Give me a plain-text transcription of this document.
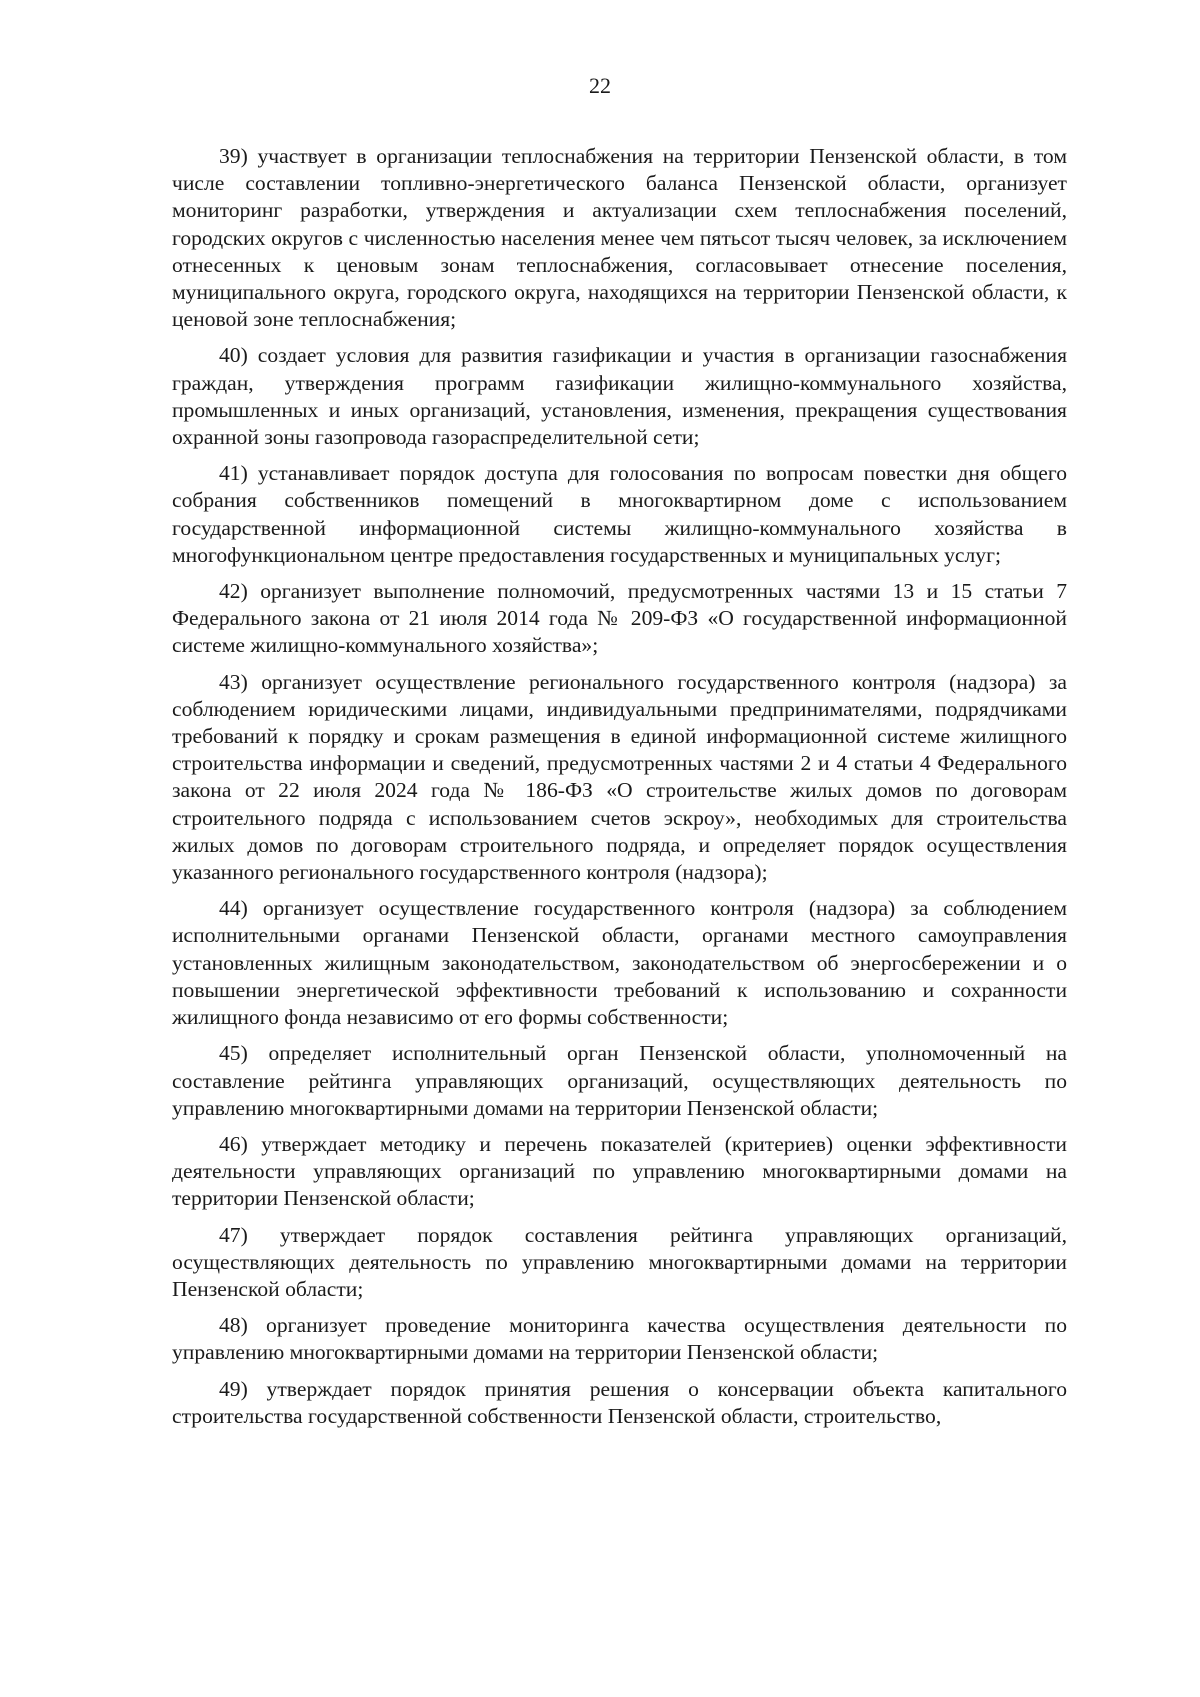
22

39) участвует в организации теплоснабжения на территории Пензенской области, в том числе составлении топливно-энергетического баланса Пензенской области, организует мониторинг разработки, утверждения и актуализации схем теплоснабжения поселений, городских округов с численностью населения менее чем пятьсот тысяч человек, за исключением отнесенных к ценовым зонам теплоснабжения, согласовывает отнесение поселения, муниципального округа, городского округа, находящихся на территории Пензенской области, к ценовой зоне теплоснабжения;

40) создает условия для развития газификации и участия в организации газоснабжения граждан, утверждения программ газификации жилищно-коммунального хозяйства, промышленных и иных организаций, установления, изменения, прекращения существования охранной зоны газопровода газораспределительной сети;

41) устанавливает порядок доступа для голосования по вопросам повестки дня общего собрания собственников помещений в многоквартирном доме с использованием государственной информационной системы жилищно-коммунального хозяйства в многофункциональном центре предоставления государственных и муниципальных услуг;

42) организует выполнение полномочий, предусмотренных частями 13 и 15 статьи 7 Федерального закона от 21 июля 2014 года № 209-ФЗ «О государственной информационной системе жилищно-коммунального хозяйства»;

43) организует осуществление регионального государственного контроля (надзора) за соблюдением юридическими лицами, индивидуальными предпринимателями, подрядчиками требований к порядку и срокам размещения в единой информационной системе жилищного строительства информации и сведений, предусмотренных частями 2 и 4 статьи 4 Федерального закона от 22 июля 2024 года № 186-ФЗ «О строительстве жилых домов по договорам строительного подряда с использованием счетов эскроу», необходимых для строительства жилых домов по договорам строительного подряда, и определяет порядок осуществления указанного регионального государственного контроля (надзора);

44) организует осуществление государственного контроля (надзора) за соблюдением исполнительными органами Пензенской области, органами местного самоуправления установленных жилищным законодательством, законодательством об энергосбережении и о повышении энергетической эффективности требований к использованию и сохранности жилищного фонда независимо от его формы собственности;

45) определяет исполнительный орган Пензенской области, уполномоченный на составление рейтинга управляющих организаций, осуществляющих деятельность по управлению многоквартирными домами на территории Пензенской области;

46) утверждает методику и перечень показателей (критериев) оценки эффективности деятельности управляющих организаций по управлению многоквартирными домами на территории Пензенской области;

47) утверждает порядок составления рейтинга управляющих организаций, осуществляющих деятельность по управлению многоквартирными домами на территории Пензенской области;

48) организует проведение мониторинга качества осуществления деятельности по управлению многоквартирными домами на территории Пензенской области;

49) утверждает порядок принятия решения о консервации объекта капитального строительства государственной собственности Пензенской области, строительство,
